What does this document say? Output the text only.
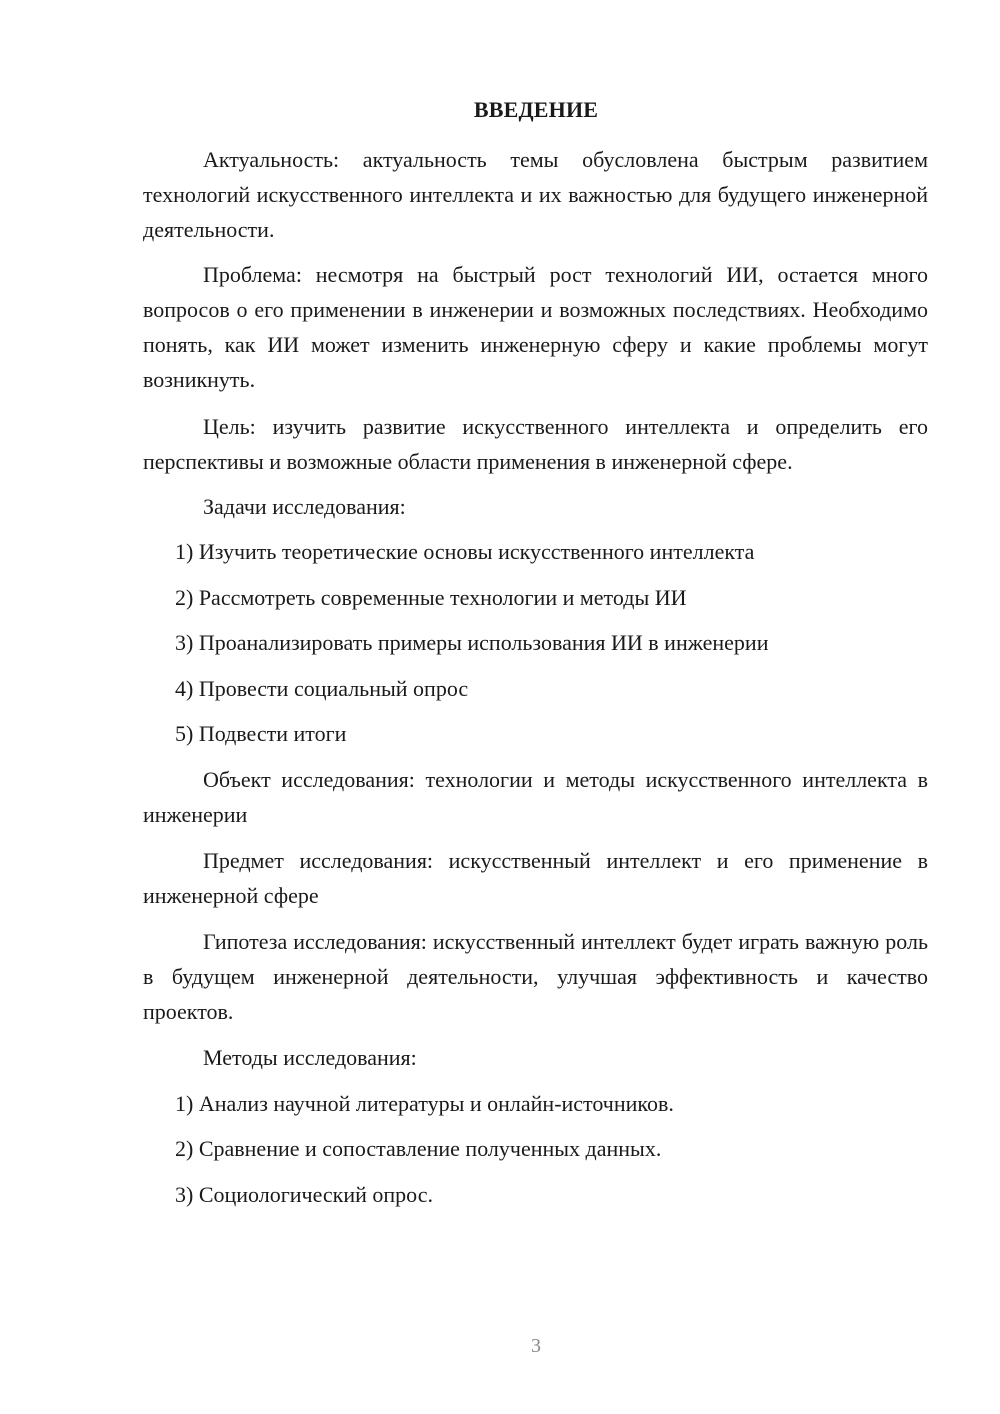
ВВЕДЕНИЕ

Актуальность: актуальность темы обусловлена быстрым развитием технологий искусственного интеллекта и их важностью для будущего инженерной деятельности.

Проблема: несмотря на быстрый рост технологий ИИ, остается много вопросов о его применении в инженерии и возможных последствиях. Необходимо понять, как ИИ может изменить инженерную сферу и какие проблемы могут возникнуть.

Цель: изучить развитие искусственного интеллекта и определить его перспективы и возможные области применения в инженерной сфере.

Задачи исследования:

1) Изучить теоретические основы искусственного интеллекта

2) Рассмотреть современные технологии и методы ИИ

3) Проанализировать примеры использования ИИ в инженерии

4) Провести социальный опрос

5) Подвести итоги

Объект исследования: технологии и методы искусственного интеллекта в инженерии

Предмет исследования: искусственный интеллект и его применение в инженерной сфере

Гипотеза исследования: искусственный интеллект будет играть важную роль в будущем инженерной деятельности, улучшая эффективность и качество проектов.

Методы исследования:

1) Анализ научной литературы и онлайн-источников.

2) Сравнение и сопоставление полученных данных.

3) Социологический опрос.

3
